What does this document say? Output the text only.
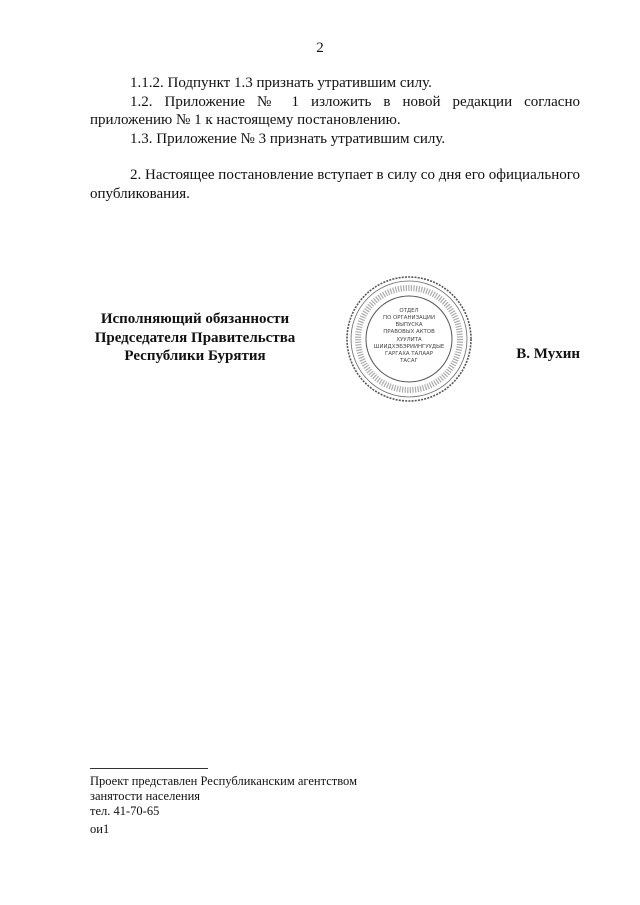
2

1.1.2. Подпункт 1.3 признать утратившим силу.

1.2. Приложение № 1 изложить в новой редакции согласно приложению № 1 к настоящему постановлению.

1.3. Приложение № 3 признать утратившим силу.

2. Настоящее постановление вступает в силу со дня его официального опубликования.

Исполняющий обязанности
Председателя Правительства
Республики Бурятия
ОТДЕЛ
ПО ОРГАНИЗАЦИИ
ВЫПУСКА
ПРАВОВЫХ АКТОВ
ХУУЛИТА
ШИИДХЭБЭРИИНГУУДЫЕ
ГАРГАХА ТАЛААР
ТАСАГ	В. Мухин
Проект представлен Республиканским агентством
занятости населения
тел. 41-70-65
ои1
